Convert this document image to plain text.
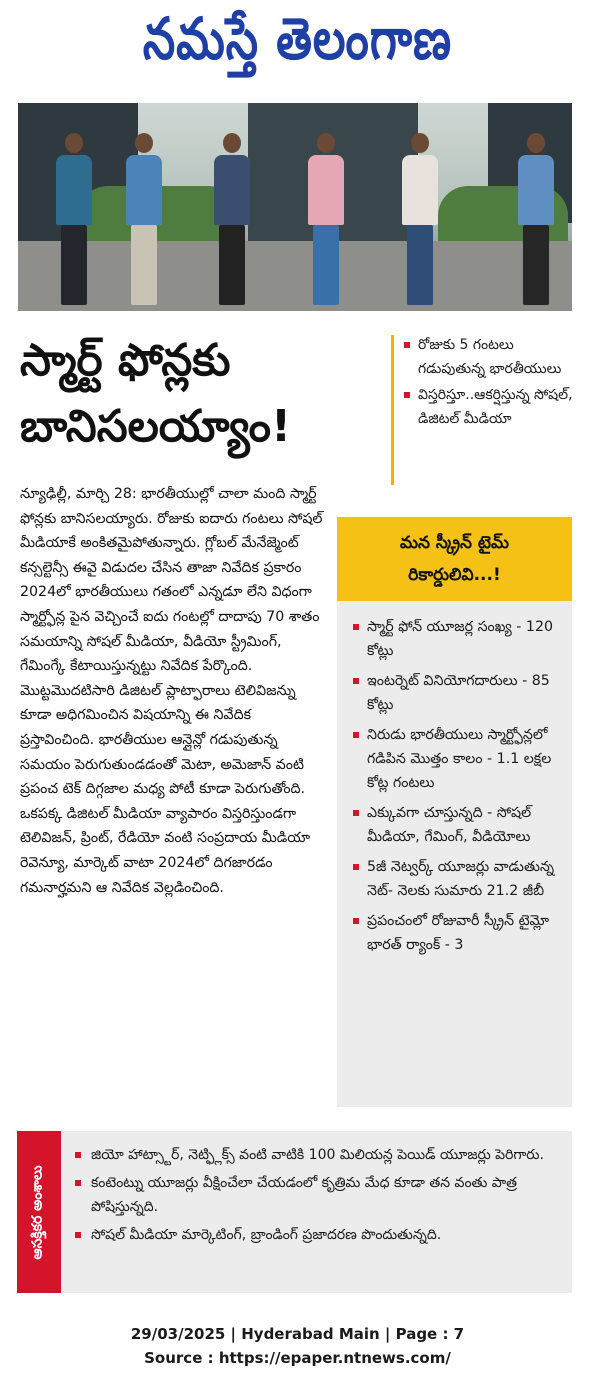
నమస్తే తెలంగాణ
స్మార్ట్ ఫోన్లకు
బానిసలయ్యాం!
రోజుకు 5 గంటలు గడుపుతున్న భారతీయులు
విస్తరిస్తూ..ఆకర్షిస్తున్న సోషల్, డిజిటల్ మీడియా
న్యూఢిల్లీ, మార్చి 28: భారతీయుల్లో చాలా మంది స్మార్ట్ ఫోన్లకు బానిసలయ్యారు. రోజుకు ఐదారు గంటలు సోషల్ మీడియాకే అంకితమైపోతున్నారు. గ్లోబల్ మేనేజ్మెంట్ కన్సల్టెన్సీ ఈవై విడుదల చేసిన తాజా నివేదిక ప్రకారం 2024లో భారతీయులు గతంలో ఎన్నడూ లేని విధంగా స్మార్ట్ఫోన్ల పైన వెచ్చించే ఐదు గంటల్లో దాదాపు 70 శాతం సమయాన్ని సోషల్ మీడియా, వీడియో స్ట్రీమింగ్, గేమింగ్కే కేటాయిస్తున్నట్టు నివేదిక పేర్కొంది. మొట్టమొదటిసారి డిజిటల్ ప్లాట్ఫారాలు టెలివిజన్ను కూడా అధిగమించిన విషయాన్ని ఈ నివేదిక ప్రస్తావించింది. భారతీయుల ఆన్లైన్లో గడుపుతున్న సమయం పెరుగుతుండడంతో మెటా, అమెజాన్ వంటి ప్రపంచ టెక్ దిగ్గజాల మధ్య పోటీ కూడా పెరుగుతోంది. ఒకపక్క డిజిటల్ మీడియా వ్యాపారం విస్తరిస్తుండగా టెలివిజన్, ప్రింట్, రేడియో వంటి సంప్రదాయ మీడియా రెవెన్యూ, మార్కెట్ వాటా 2024లో దిగజారడం గమనార్హమని ఆ నివేదిక వెల్లడించింది.
మన స్క్రీన్ టైమ్
రికార్డులివి...!
స్మార్ట్ ఫోన్ యూజర్ల సంఖ్య - 120 కోట్లు
ఇంటర్నెట్ వినియోగదారులు - 85 కోట్లు
నిరుడు భారతీయులు స్మార్ట్ఫోన్లలో గడిపిన మొత్తం కాలం - 1.1 లక్షల కోట్ల గంటలు
ఎక్కువగా చూస్తున్నది - సోషల్ మీడియా, గేమింగ్, వీడియోలు
5జీ నెట్వర్క్ యూజర్లు వాడుతున్న నెట్- నెలకు సుమారు 21.2 జీబీ
ప్రపంచంలో రోజువారీ స్క్రీన్ టైమ్లో భారత్ ర్యాంక్ - 3
ఆసక్తికర అంశాలు
జియో హాట్స్టార్, నెట్ఫ్లిక్స్ వంటి వాటికి 100 మిలియన్ల పెయిడ్ యూజర్లు పెరిగారు.
కంటెంట్ను యూజర్లు వీక్షించేలా చేయడంలో కృత్రిమ మేధ కూడా తన వంతు పాత్ర పోషిస్తున్నది.
సోషల్ మీడియా మార్కెటింగ్, బ్రాండింగ్ ప్రజాదరణ పొందుతున్నది.
29/03/2025 | Hyderabad Main | Page : 7
Source : https://epaper.ntnews.com/
